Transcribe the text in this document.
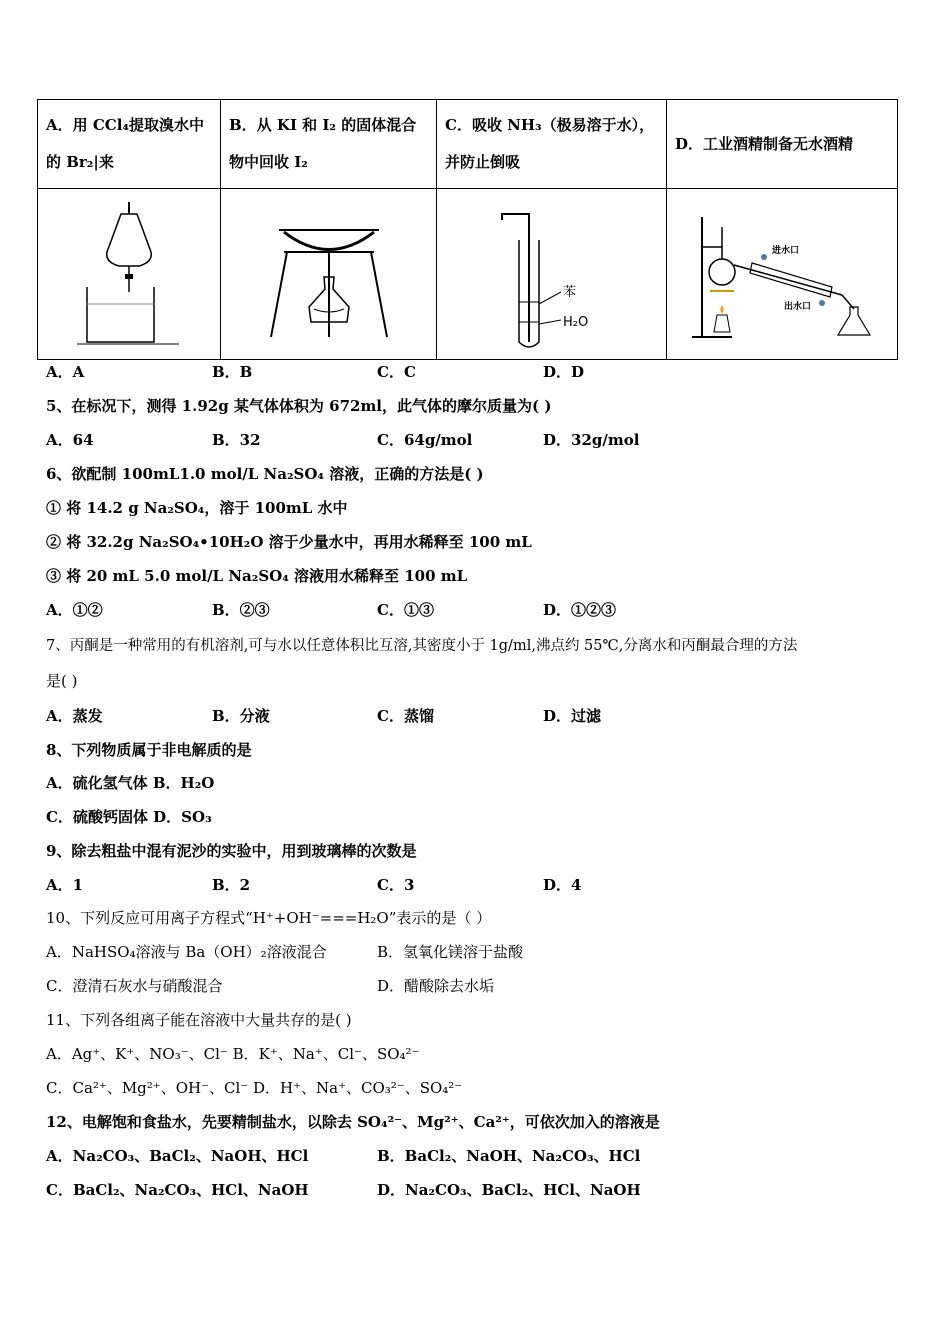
A．用 CCl₄提取溴水中的 Br₂|来	B．从 KI 和 I₂ 的固体混合物中回收 I₂	C．吸收 NH₃（极易溶于水），并防止倒吸	D．工业酒精制备无水酒精

苯
H₂O	进水口
出水口
A．A	B．B	C．C	D．D
5、在标况下，测得 1.92g 某气体体积为 672ml，此气体的摩尔质量为( )
A．64	B．32	C．64g/mol	D．32g/mol
6、欲配制 100mL1.0 mol/L Na₂SO₄ 溶液，正确的方法是( )
① 将 14.2 g Na₂SO₄，溶于 100mL 水中
② 将 32.2g Na₂SO₄•10H₂O 溶于少量水中，再用水稀释至 100 mL
③ 将 20 mL 5.0 mol/L Na₂SO₄ 溶液用水稀释至 100 mL
A．①②	B．②③	C．①③	D．①②③
7、丙酮是一种常用的有机溶剂,可与水以任意体积比互溶,其密度小于 1g/ml,沸点约 55℃,分离水和丙酮最合理的方法
是( )
A．蒸发	B．分液	C．蒸馏	D．过滤
8、下列物质属于非电解质的是
A．硫化氢气体 B．H₂O
C．硫酸钙固体 D．SO₃
9、除去粗盐中混有泥沙的实验中，用到玻璃棒的次数是
A．1	B．2	C．3	D．4
10、下列反应可用离子方程式“H⁺+OH⁻===H₂O”表示的是（ ）
A．NaHSO₄溶液与 Ba（OH）₂溶液混合	B．氢氧化镁溶于盐酸
C．澄清石灰水与硝酸混合	D．醋酸除去水垢
11、下列各组离子能在溶液中大量共存的是( )
A．Ag⁺、K⁺、NO₃⁻、Cl⁻ B．K⁺、Na⁺、Cl⁻、SO₄²⁻
C．Ca²⁺、Mg²⁺、OH⁻、Cl⁻ D．H⁺、Na⁺、CO₃²⁻、SO₄²⁻
12、电解饱和食盐水，先要精制盐水，以除去 SO₄²⁻、Mg²⁺、Ca²⁺，可依次加入的溶液是
A．Na₂CO₃、BaCl₂、NaOH、HCl	B．BaCl₂、NaOH、Na₂CO₃、HCl
C．BaCl₂、Na₂CO₃、HCl、NaOH	D．Na₂CO₃、BaCl₂、HCl、NaOH
